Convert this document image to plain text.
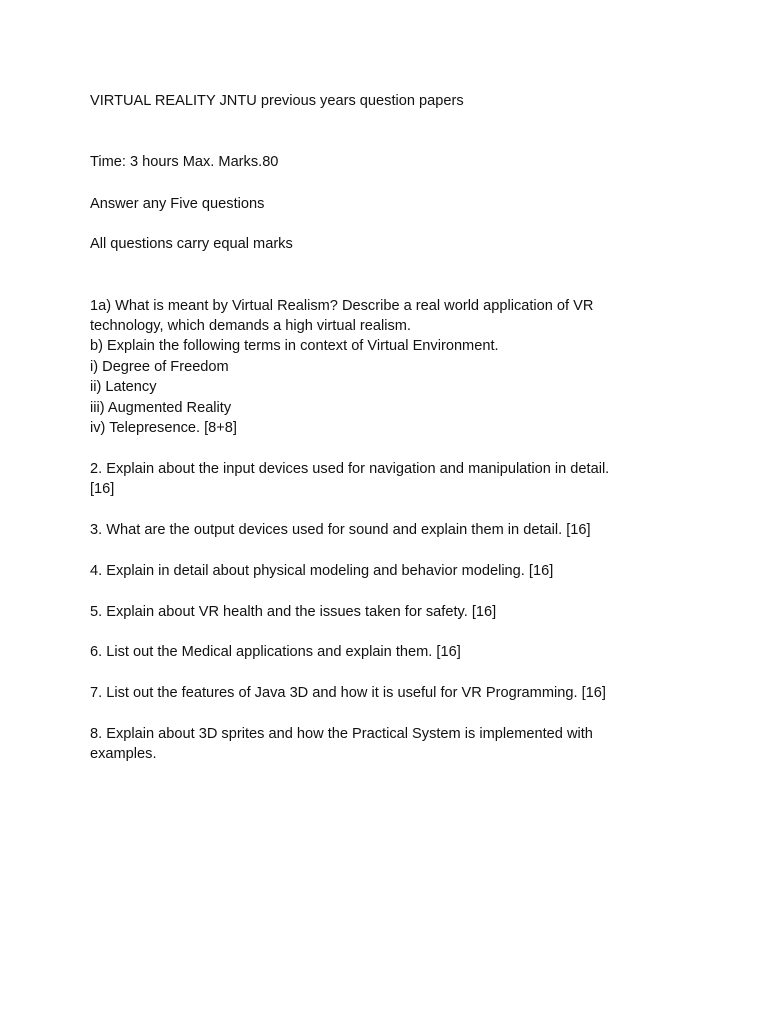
VIRTUAL REALITY JNTU previous years question papers
Time: 3 hours Max. Marks.80
Answer any Five questions
All questions carry equal marks
1a) What is meant by Virtual Realism? Describe a real world application of VR
technology, which demands a high virtual realism.
b) Explain the following terms in context of Virtual Environment.
i) Degree of Freedom
ii) Latency
iii) Augmented Reality
iv) Telepresence. [8+8]
2. Explain about the input devices used for navigation and manipulation in detail.
[16]
3. What are the output devices used for sound and explain them in detail. [16]
4. Explain in detail about physical modeling and behavior modeling. [16]
5. Explain about VR health and the issues taken for safety. [16]
6. List out the Medical applications and explain them. [16]
7. List out the features of Java 3D and how it is useful for VR Programming. [16]
8. Explain about 3D sprites and how the Practical System is implemented with
examples.
